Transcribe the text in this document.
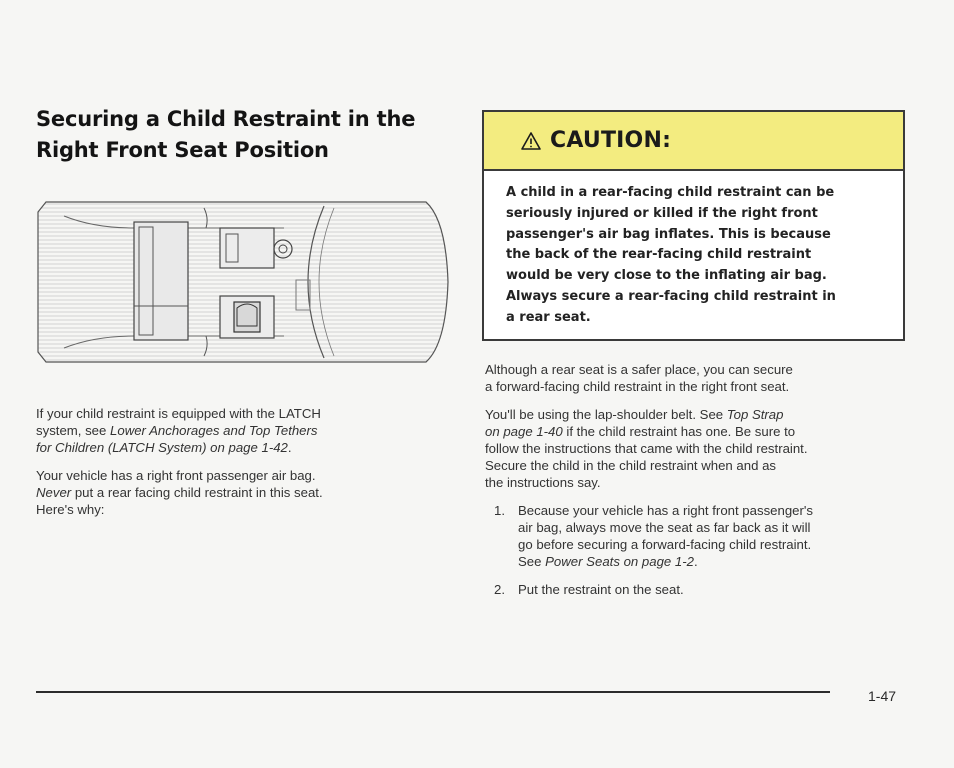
Securing a Child Restraint in the
Right Front Seat Position

If your child restraint is equipped with the LATCH
system, see Lower Anchorages and Top Tethers
for Children (LATCH System) on page 1-42.

Your vehicle has a right front passenger air bag.
Never put a rear facing child restraint in this seat.
Here's why:

CAUTION:
A child in a rear-facing child restraint can be
seriously injured or killed if the right front
passenger's air bag inflates. This is because
the back of the rear-facing child restraint
would be very close to the inflating air bag.
Always secure a rear-facing child restraint in
a rear seat.

Although a rear seat is a safer place, you can secure
a forward-facing child restraint in the right front seat.

You'll be using the lap-shoulder belt. See Top Strap
on page 1-40 if the child restraint has one. Be sure to
follow the instructions that came with the child restraint.
Secure the child in the child restraint when and as
the instructions say.

1. Because your vehicle has a right front passenger's
air bag, always move the seat as far back as it will
go before securing a forward-facing child restraint.
See Power Seats on page 1-2.
2. Put the restraint on the seat.
1-47
